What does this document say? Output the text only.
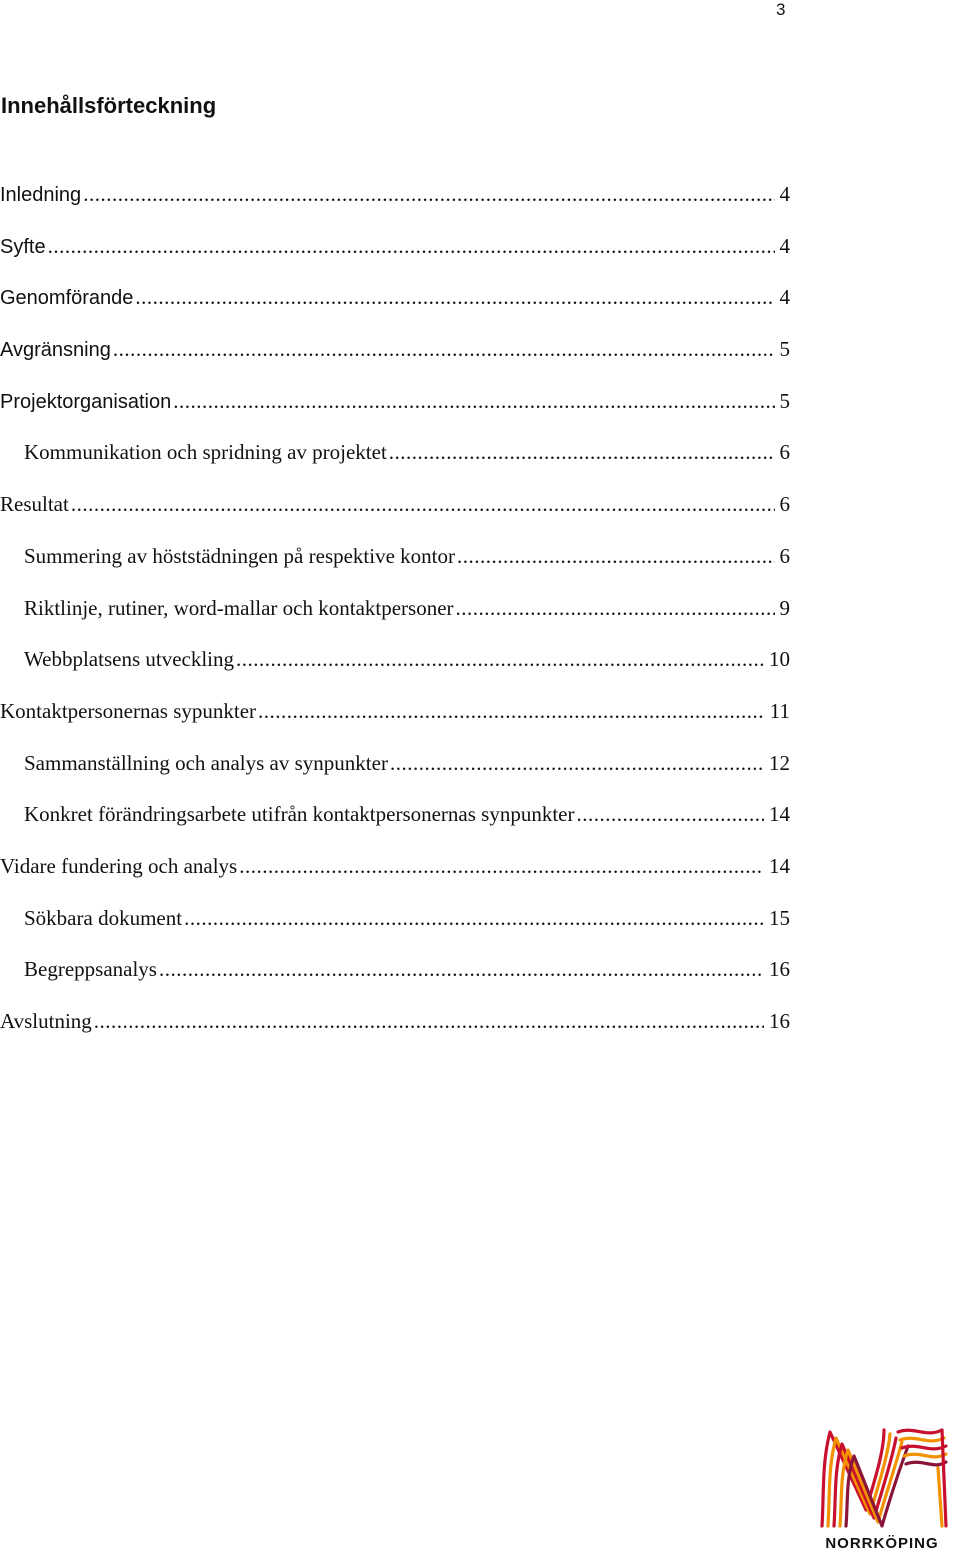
3
Innehållsförteckning
Inledning .....	4
Syfte .....	4
Genomförande .....	4
Avgränsning .....	5
Projektorganisation .....	5
Kommunikation och spridning av projektet .....	6
Resultat .....	6
Summering av höststädningen på respektive kontor .....	6
Riktlinje, rutiner, word-mallar och kontaktpersoner .....	9
Webbplatsens utveckling .....	10
Kontaktpersonernas sypunkter .....	11
Sammanställning och analys av synpunkter .....	12
Konkret förändringsarbete utifrån kontaktpersonernas synpunkter .....	14
Vidare fundering och analys .....	14
Sökbara dokument .....	15
Begreppsanalys .....	16
Avslutning .....	16
NORRKÖPING
